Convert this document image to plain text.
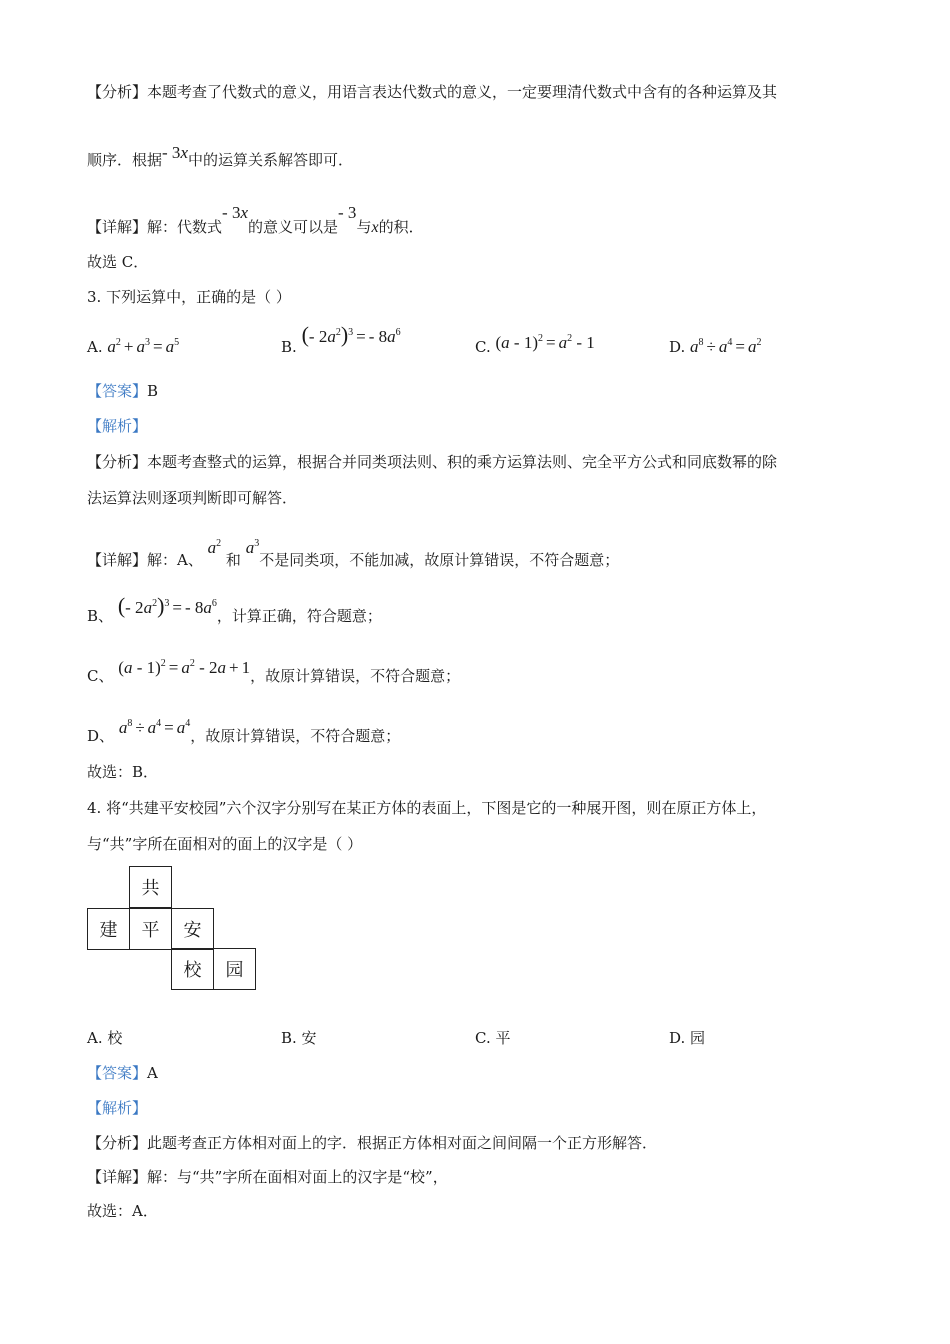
【分析】本题考查了代数式的意义，用语言表达代数式的意义，一定要理清代数式中含有的各种运算及其
顺序．根据- 3x中的运算关系解答即可．
【详解】解：代数式- 3x的意义可以是- 3与x的积．
故选 C．
3. 下列运算中，正确的是（ ）
A. $a^2 + a^3 = a^5$	B. (- $2a^2)^3$ = - $8a^6$
C. $(a - 1)^2 = a^2 - 1$	D. $a^8 \div a^4 = a^2$
【答案】B
【解析】
【分析】本题考查整式的运算，根据合并同类项法则、积的乘方运算法则、完全平方公式和同底数幂的除
法运算法则逐项判断即可解答．
【详解】解：A、 $a^2$ 和 $a^3$不是同类项，不能加减，故原计算错误，不符合题意；
B、 (- $2a^2)^3$ = - $8a^6$，计算正确，符合题意；
C、 $(a - 1)^2 = a^2 - 2a + 1$，故原计算错误，不符合题意；
D、 $a^8 \div a^4 = a^4$，故原计算错误，不符合题意；
故选：B．
4. 将“共建平安校园”六个汉字分别写在某正方体的表面上，下图是它的一种展开图，则在原正方体上，
与“共”字所在面相对的面上的汉字是（ ）
共
建	平	安
校	园
A. 校	B. 安	C. 平	D. 园
【答案】A
【解析】
【分析】此题考查正方体相对面上的字．根据正方体相对面之间间隔一个正方形解答．
【详解】解：与“共”字所在面相对面上的汉字是“校”，
故选：A．
